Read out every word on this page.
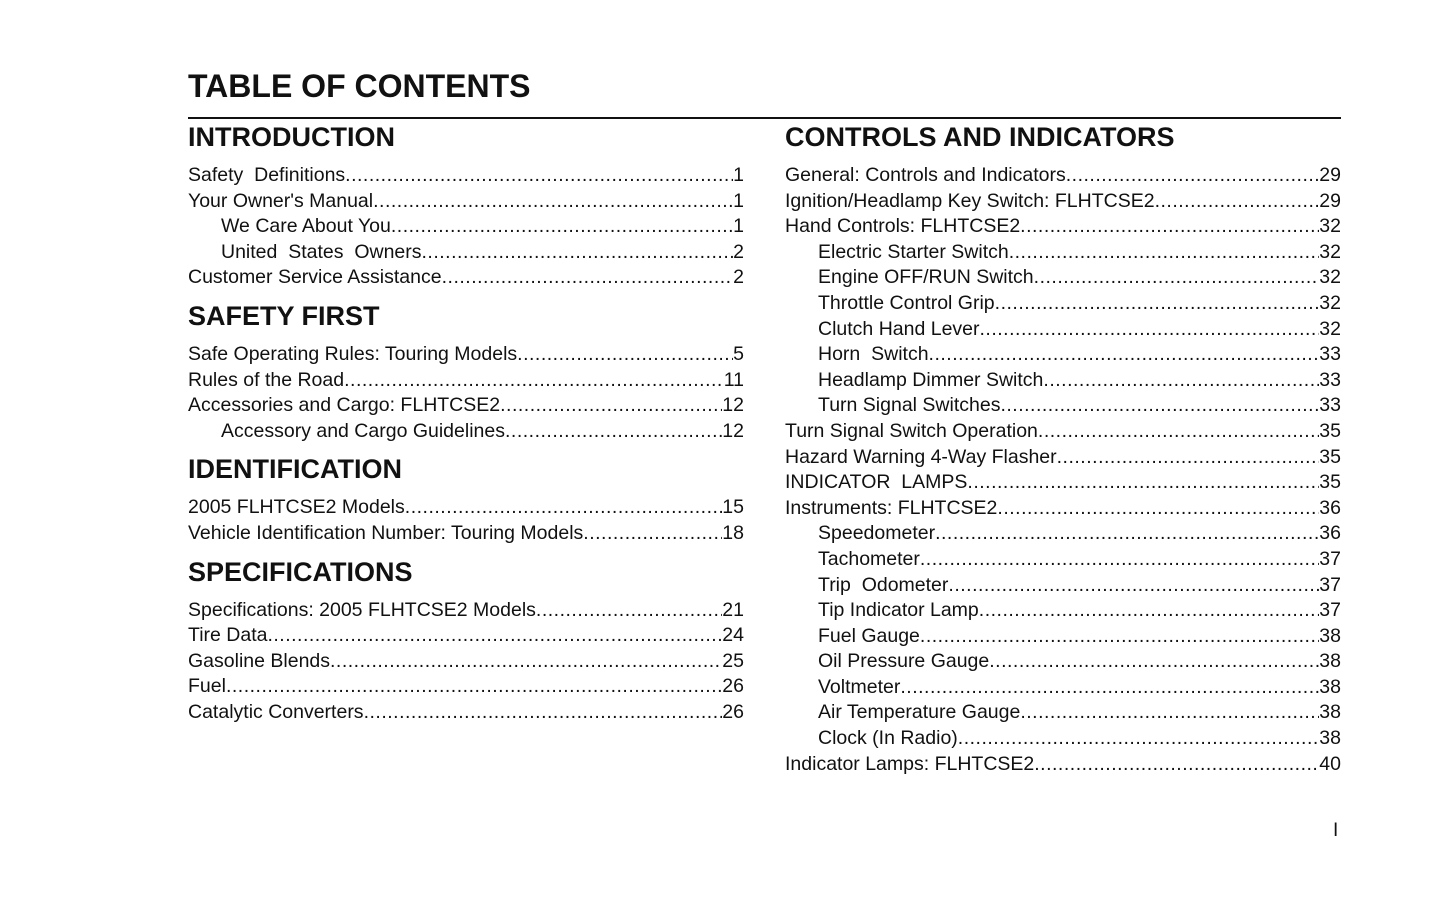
TABLE OF CONTENTS
INTRODUCTION
Safety  Definitions .....	1
Your Owner's Manual .....	1
We Care About You .....	1
United  States  Owners .....	2
Customer Service Assistance .....	2
SAFETY FIRST
Safe Operating Rules: Touring Models .....	5
Rules of the Road .....	11
Accessories and Cargo: FLHTCSE2 .....	12
Accessory and Cargo Guidelines .....	12
IDENTIFICATION
2005 FLHTCSE2 Models .....	15
Vehicle Identification Number: Touring Models .....	18
SPECIFICATIONS
Specifications: 2005 FLHTCSE2 Models .....	21
Tire Data .....	24
Gasoline Blends .....	25
Fuel .....	26
Catalytic Converters .....	26
CONTROLS AND INDICATORS
General: Controls and Indicators .....	29
Ignition/Headlamp Key Switch: FLHTCSE2 .....	29
Hand Controls: FLHTCSE2 .....	32
Electric Starter Switch .....	32
Engine OFF/RUN Switch .....	32
Throttle Control Grip .....	32
Clutch Hand Lever .....	32
Horn  Switch .....	33
Headlamp Dimmer Switch .....	33
Turn Signal Switches .....	33
Turn Signal Switch Operation .....	35
Hazard Warning 4-Way Flasher .....	35
INDICATOR  LAMPS .....	35
Instruments: FLHTCSE2 .....	36
Speedometer .....	36
Tachometer .....	37
Trip  Odometer .....	37
Tip Indicator Lamp .....	37
Fuel Gauge .....	38
Oil Pressure Gauge .....	38
Voltmeter .....	38
Air Temperature Gauge .....	38
Clock (In Radio) .....	38
Indicator Lamps: FLHTCSE2 .....	40
I
